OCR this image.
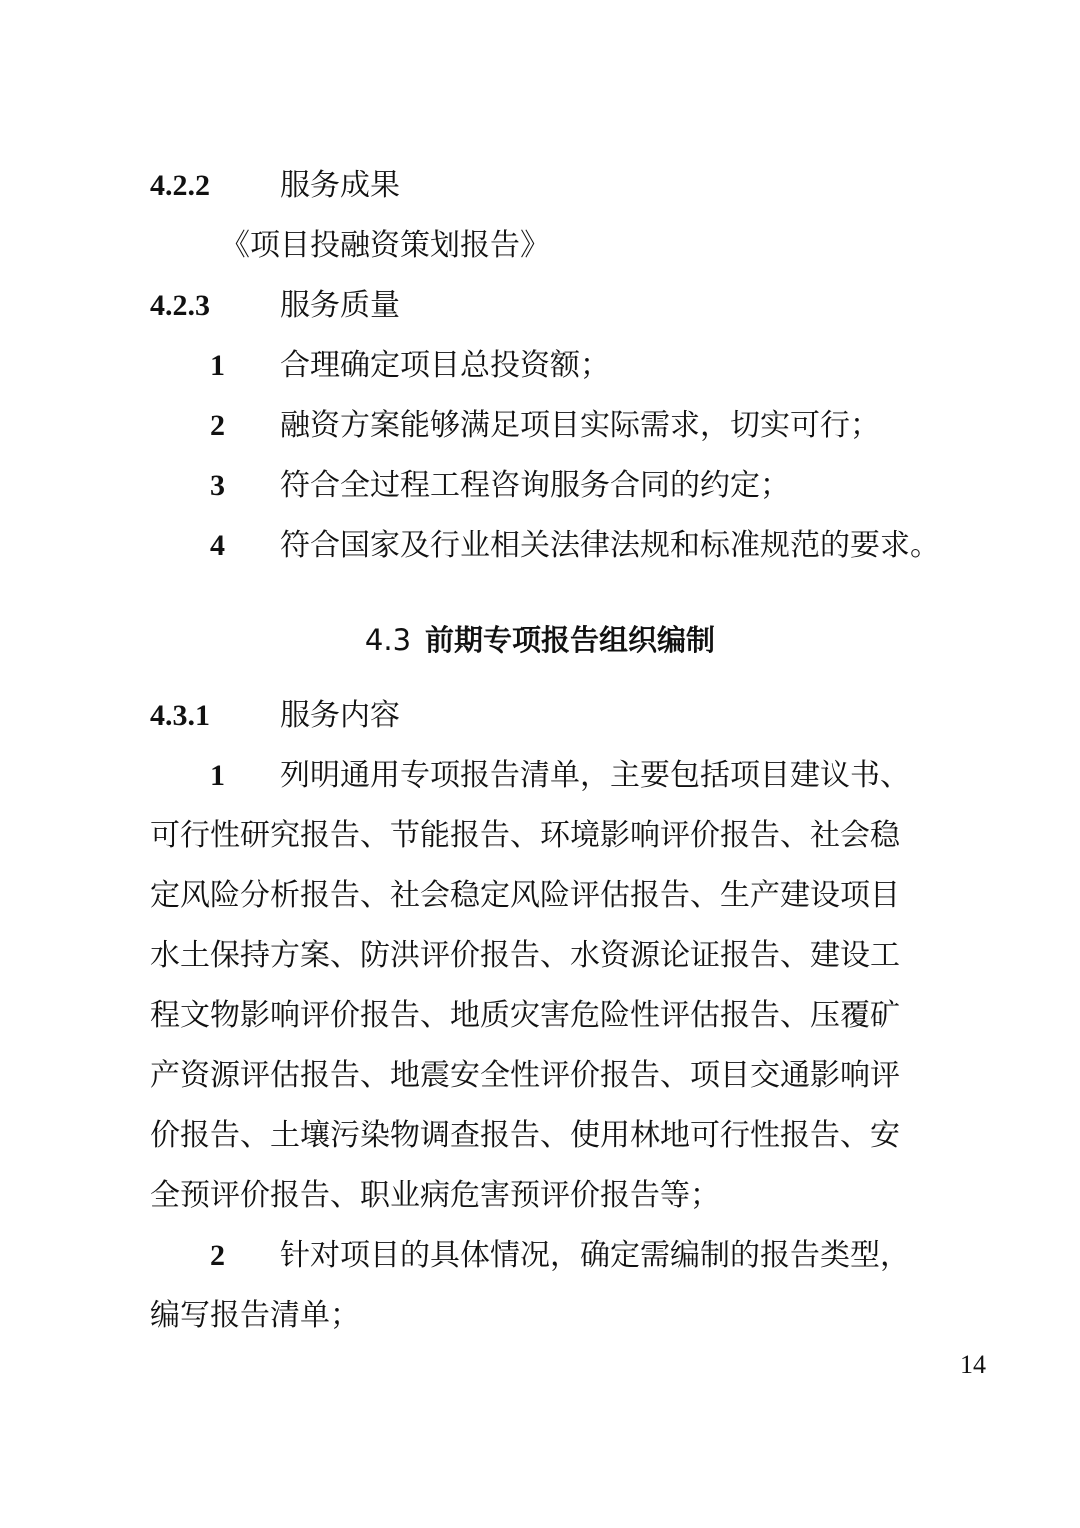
4.2.2 服务成果
《项目投融资策划报告》
4.2.3 服务质量
1 合理确定项目总投资额；
2 融资方案能够满足项目实际需求，切实可行；
3 符合全过程工程咨询服务合同的约定；
4 符合国家及行业相关法律法规和标准规范的要求。
4.3 前期专项报告组织编制
4.3.1 服务内容
1 列明通用专项报告清单，主要包括项目建议书、
可行性研究报告、节能报告、环境影响评价报告、社会稳
定风险分析报告、社会稳定风险评估报告、生产建设项目
水土保持方案、防洪评价报告、水资源论证报告、建设工
程文物影响评价报告、地质灾害危险性评估报告、压覆矿
产资源评估报告、地震安全性评价报告、项目交通影响评
价报告、土壤污染物调查报告、使用林地可行性报告、安
全预评价报告、职业病危害预评价报告等；
2 针对项目的具体情况，确定需编制的报告类型，
编写报告清单；
14
